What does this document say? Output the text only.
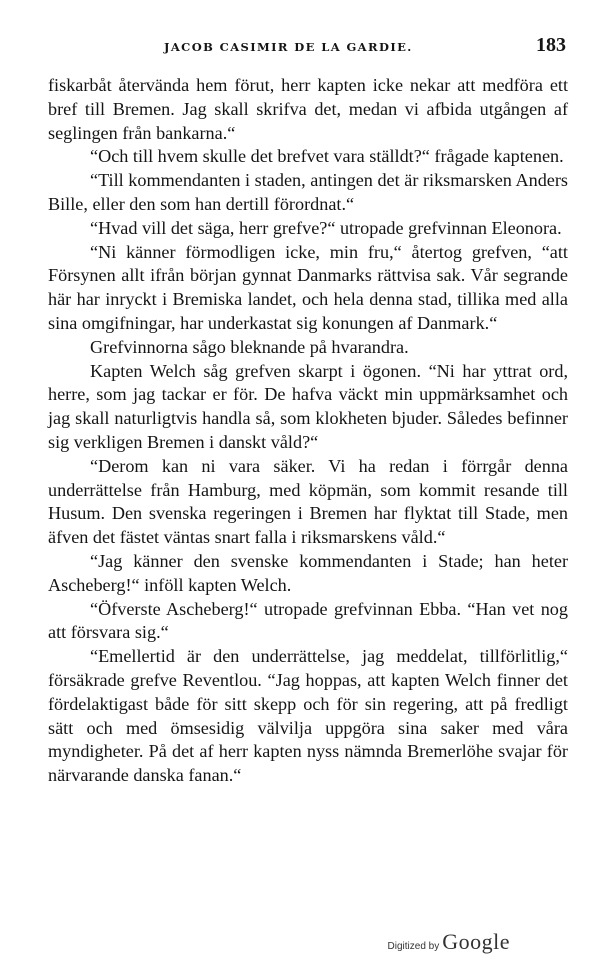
JACOB CASIMIR DE LA GARDIE.	183

fiskarbåt återvända hem förut, herr kapten icke nekar att medföra ett bref till Bremen. Jag skall skrifva det, medan vi afbida utgången af seglingen från bankarna.“

“Och till hvem skulle det brefvet vara ställdt?“ frågade kaptenen.

“Till kommendanten i staden, antingen det är riksmarsken Anders Bille, eller den som han dertill förordnat.“

“Hvad vill det säga, herr grefve?“ utropade grefvinnan Eleonora.

“Ni känner förmodligen icke, min fru,“ återtog grefven, “att Försynen allt ifrån början gynnat Danmarks rättvisa sak. Vår segrande här har inryckt i Bremiska landet, och hela denna stad, tillika med alla sina omgifningar, har underkastat sig konungen af Danmark.“

Grefvinnorna sågo bleknande på hvarandra.

Kapten Welch såg grefven skarpt i ögonen. “Ni har yttrat ord, herre, som jag tackar er för. De hafva väckt min uppmärksamhet och jag skall naturligtvis handla så, som klokheten bjuder. Således befinner sig verkligen Bremen i danskt våld?“

“Derom kan ni vara säker. Vi ha redan i förrgår denna underrättelse från Hamburg, med köpmän, som kommit resande till Husum. Den svenska regeringen i Bremen har flyktat till Stade, men äfven det fästet väntas snart falla i riksmarskens våld.“

“Jag känner den svenske kommendanten i Stade; han heter Ascheberg!“ inföll kapten Welch.

“Öfverste Ascheberg!“ utropade grefvinnan Ebba. “Han vet nog att försvara sig.“

“Emellertid är den underrättelse, jag meddelat, tillförlitlig,“ försäkrade grefve Reventlou. “Jag hoppas, att kapten Welch finner det fördelaktigast både för sitt skepp och för sin regering, att på fredligt sätt och med ömsesidig välvilja uppgöra sina saker med våra myndigheter. På det af herr kapten nyss nämnda Bremerlöhe svajar för närvarande danska fanan.“

Digitized by Google
